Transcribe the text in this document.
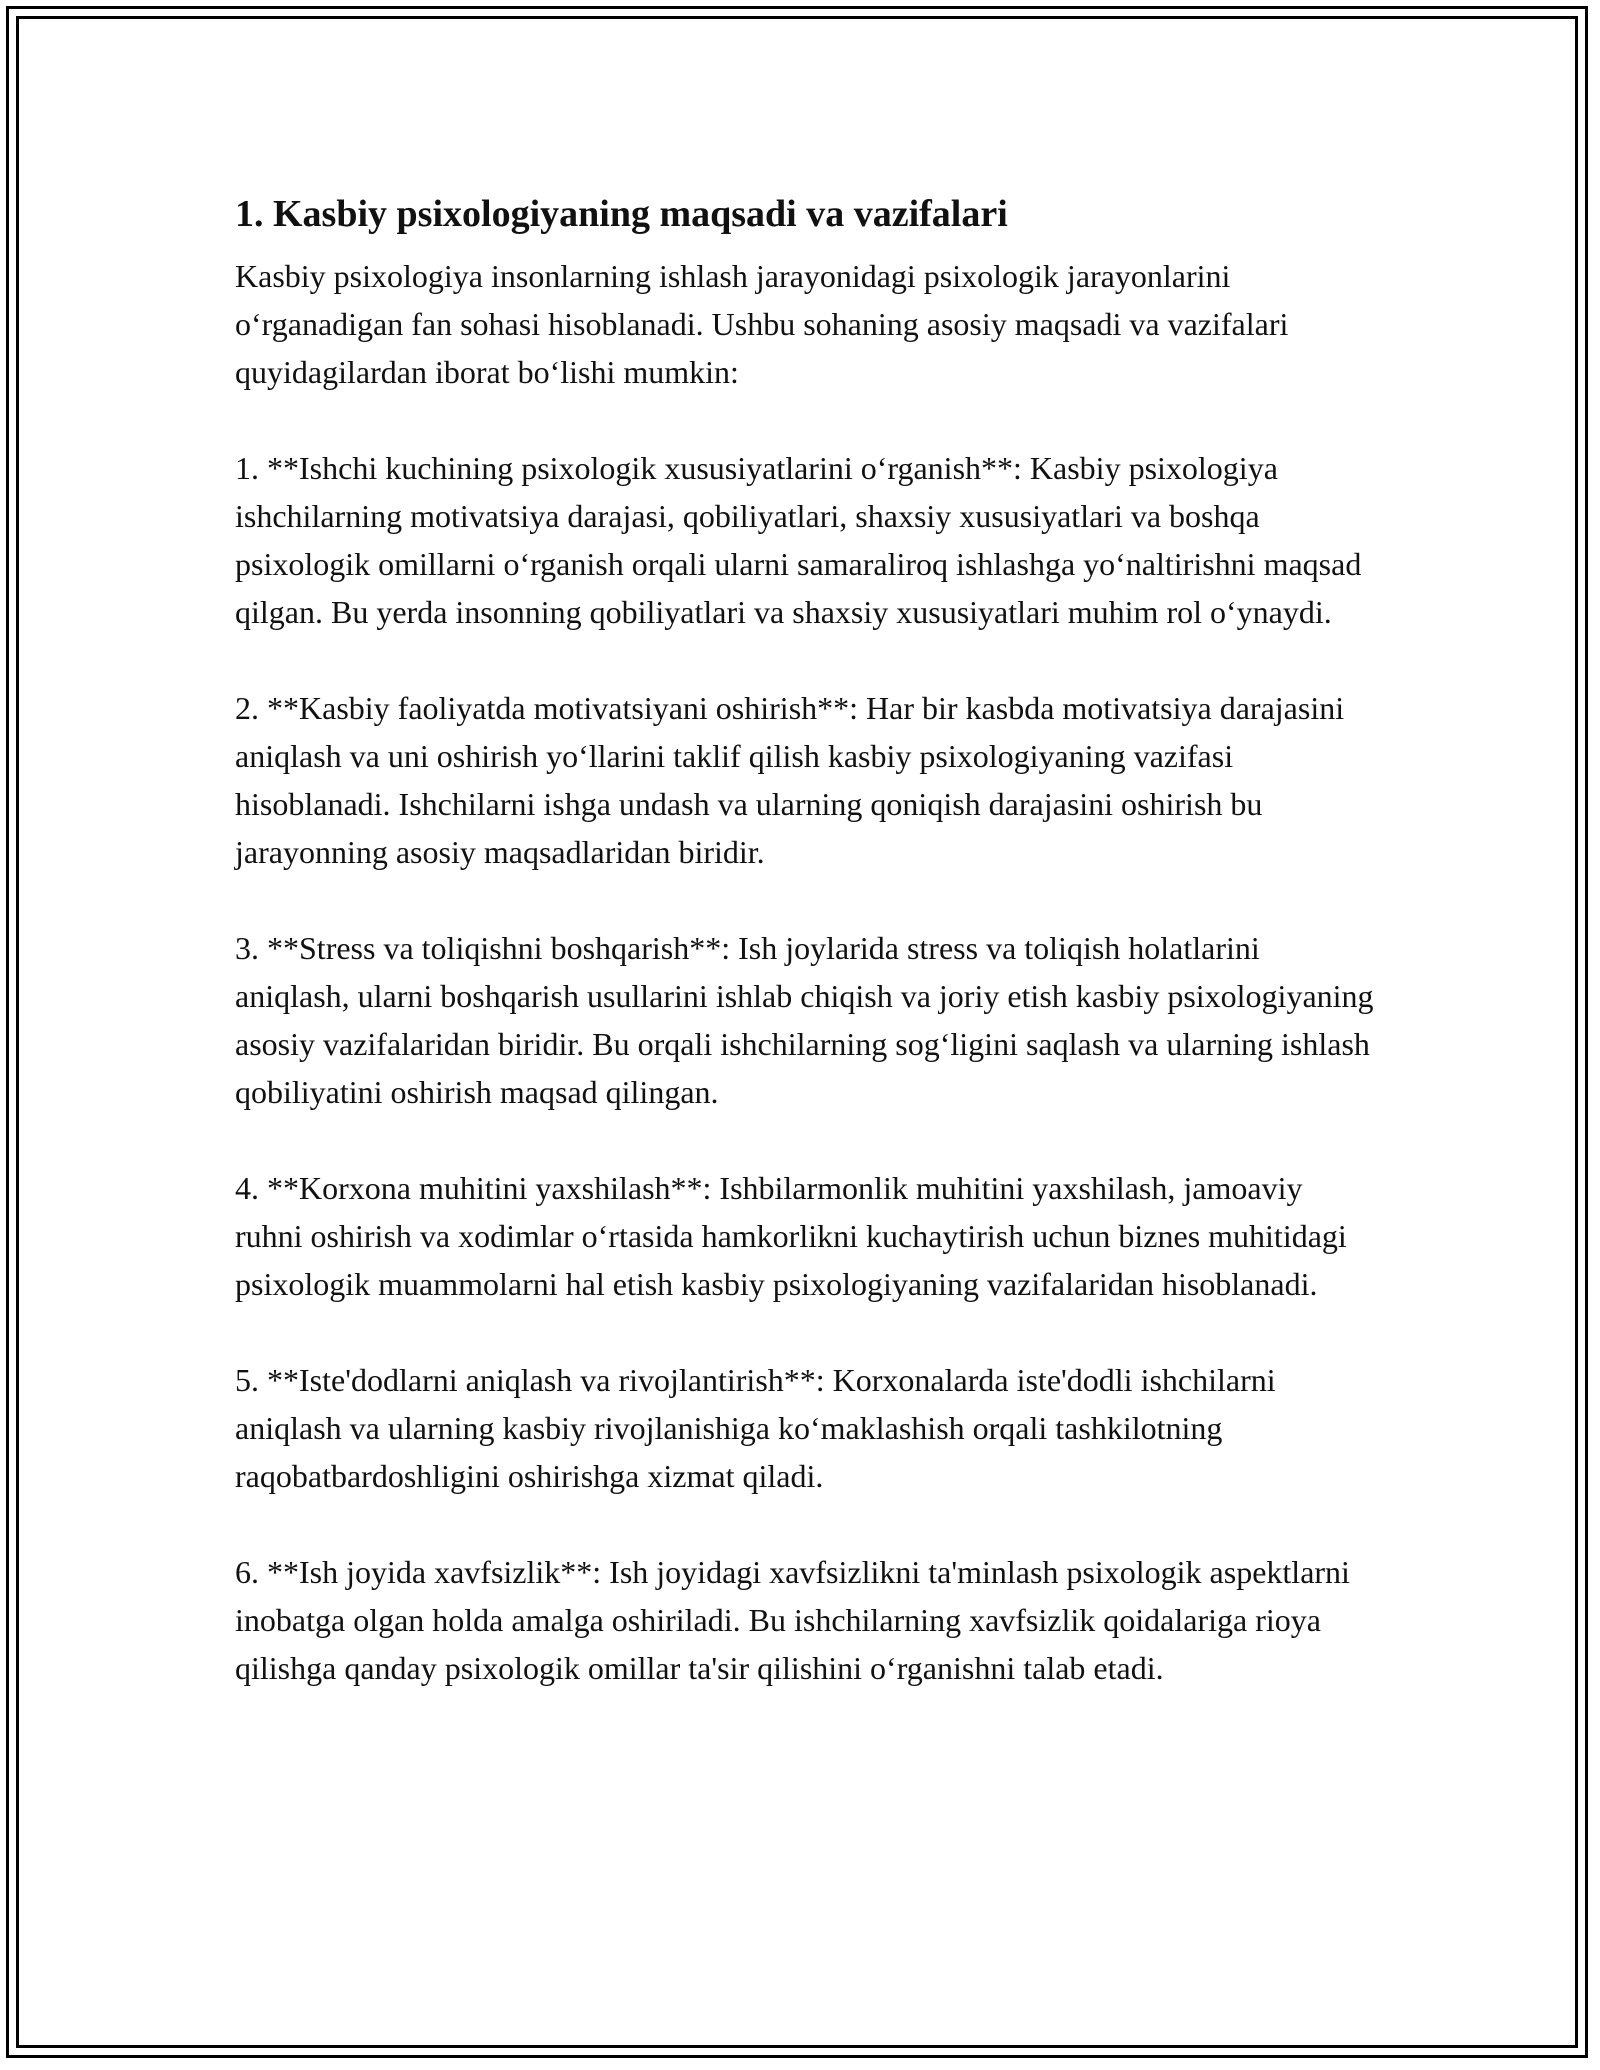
1. Kasbiy psixologiyaning maqsadi va vazifalari

Kasbiy psixologiya insonlarning ishlash jarayonidagi psixologik jarayonlarini o‘rganadigan fan sohasi hisoblanadi. Ushbu sohaning asosiy maqsadi va vazifalari quyidagilardan iborat bo‘lishi mumkin:

1. **Ishchi kuchining psixologik xususiyatlarini o‘rganish**: Kasbiy psixologiya ishchilarning motivatsiya darajasi, qobiliyatlari, shaxsiy xususiyatlari va boshqa psixologik omillarni o‘rganish orqali ularni samaraliroq ishlashga yo‘naltirishni maqsad qilgan. Bu yerda insonning qobiliyatlari va shaxsiy xususiyatlari muhim rol o‘ynaydi.

2. **Kasbiy faoliyatda motivatsiyani oshirish**: Har bir kasbda motivatsiya darajasini aniqlash va uni oshirish yo‘llarini taklif qilish kasbiy psixologiyaning vazifasi hisoblanadi. Ishchilarni ishga undash va ularning qoniqish darajasini oshirish bu jarayonning asosiy maqsadlaridan biridir.

3. **Stress va toliqishni boshqarish**: Ish joylarida stress va toliqish holatlarini aniqlash, ularni boshqarish usullarini ishlab chiqish va joriy etish kasbiy psixologiyaning asosiy vazifalaridan biridir. Bu orqali ishchilarning sog‘ligini saqlash va ularning ishlash qobiliyatini oshirish maqsad qilingan.

4. **Korxona muhitini yaxshilash**: Ishbilarmonlik muhitini yaxshilash, jamoaviy ruhni oshirish va xodimlar o‘rtasida hamkorlikni kuchaytirish uchun biznes muhitidagi psixologik muammolarni hal etish kasbiy psixologiyaning vazifalaridan hisoblanadi.

5. **Iste'dodlarni aniqlash va rivojlantirish**: Korxonalarda iste'dodli ishchilarni aniqlash va ularning kasbiy rivojlanishiga ko‘maklashish orqali tashkilotning raqobatbardoshligini oshirishga xizmat qiladi.

6. **Ish joyida xavfsizlik**: Ish joyidagi xavfsizlikni ta'minlash psixologik aspektlarni inobatga olgan holda amalga oshiriladi. Bu ishchilarning xavfsizlik qoidalariga rioya qilishga qanday psixologik omillar ta'sir qilishini o‘rganishni talab etadi.
